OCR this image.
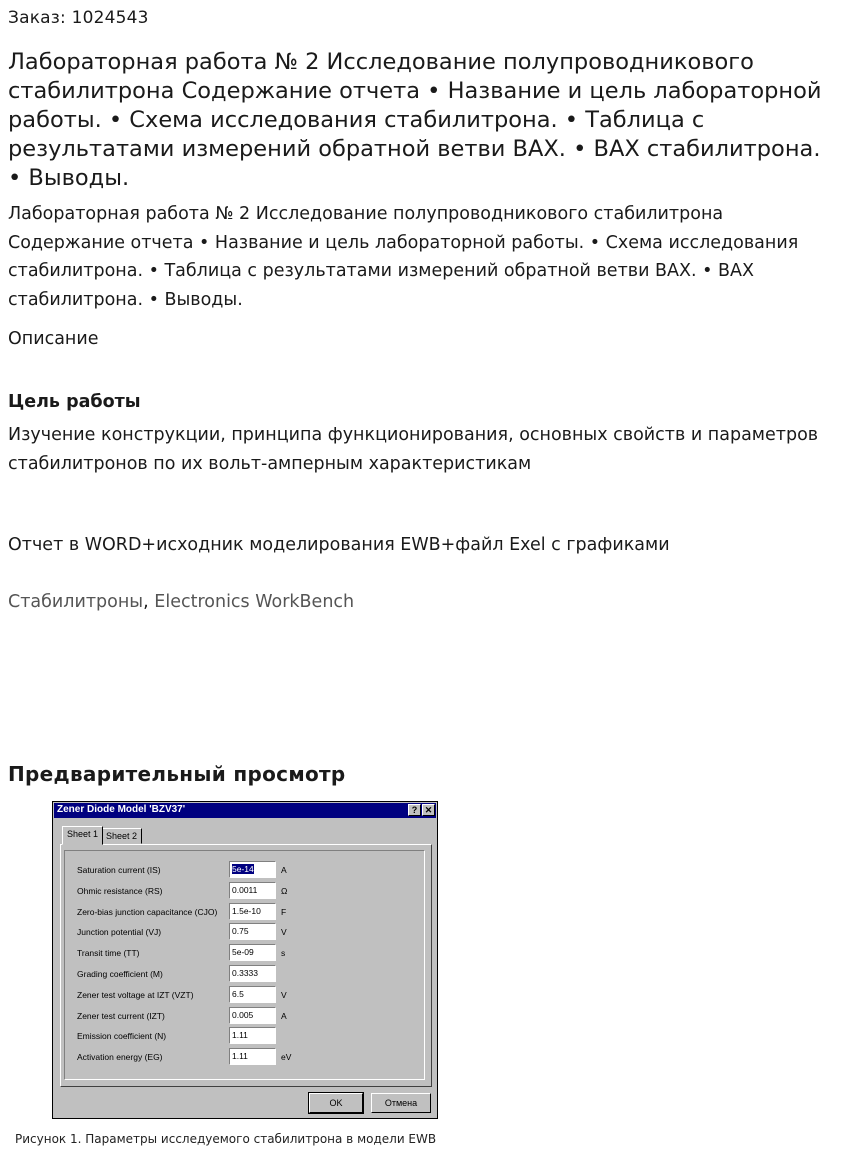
Заказ: 1024543
Лабораторная работа № 2 Исследование полупроводникового стабилитрона Содержание отчета • Название и цель лабораторной работы. • Схема исследования стабилитрона. • Таблица с результатами измерений обратной ветви ВАХ. • ВАХ стабилитрона. • Выводы.
Лабораторная работа № 2 Исследование полупроводникового стабилитрона Содержание отчета • Название и цель лабораторной работы. • Схема исследования стабилитрона. • Таблица с результатами измерений обратной ветви ВАХ. • ВАХ стабилитрона. • Выводы.
Описание
Цель работы
Изучение конструкции, принципа функционирования, основных свойств и параметров
стабилитронов по их вольт-амперным характеристикам
Отчет в WORD+исходник моделирования EWB+файл Exel с графиками
Стабилитроны, Electronics WorkBench
Предварительный просмотр
Zener Diode Model 'BZV37'	? ✕
Sheet 1 Sheet 2
Saturation current (IS)	5e-14	A
Ohmic resistance (RS)	0.0011	Ω
Zero-bias junction capacitance (CJO)	1.5e-10	F
Junction potential (VJ)	0.75	V
Transit time (TT)	5e-09	s
Grading coefficient (M)	0.3333
Zener test voltage at IZT (VZT)	6.5	V
Zener test current (IZT)	0.005	A
Emission coefficient (N)	1.11
Activation energy (EG)	1.11	eV
OK	Отмена
Рисунок 1. Параметры исследуемого стабилитрона в модели EWB
